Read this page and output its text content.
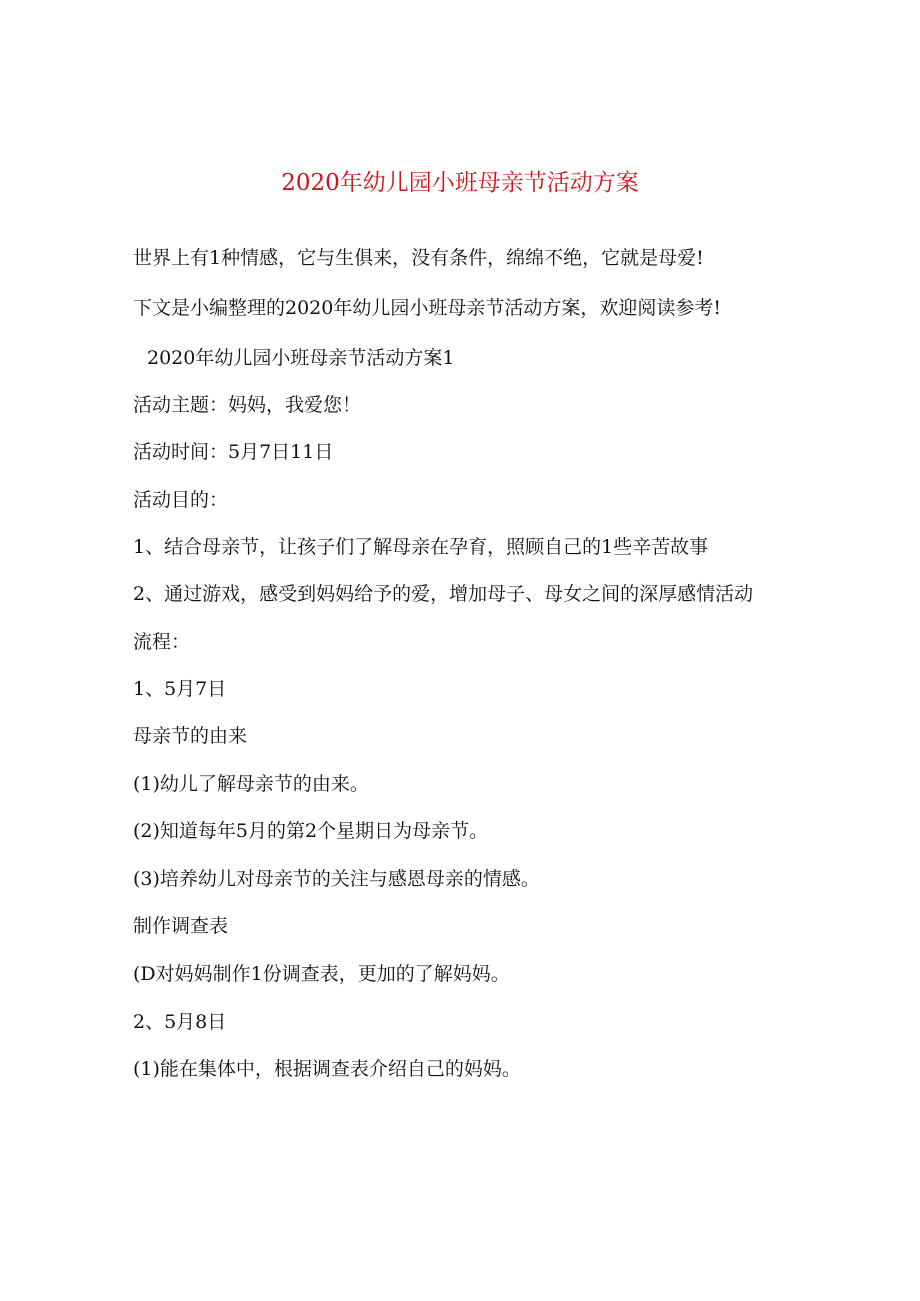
2020年幼儿园小班母亲节活动方案
世界上有1种情感，它与生俱来，没有条件，绵绵不绝，它就是母爱!
下文是小编整理的2020年幼儿园小班母亲节活动方案，欢迎阅读参考!
2020年幼儿园小班母亲节活动方案1
活动主题：妈妈，我爱您！
活动时间：5月7日11日
活动目的：
1、结合母亲节，让孩子们了解母亲在孕育，照顾自己的1些辛苦故事
2、通过游戏，感受到妈妈给予的爱，增加母子、母女之间的深厚感情活动
流程：
1、5月7日
母亲节的由来
(1)幼儿了解母亲节的由来。
(2)知道每年5月的第2个星期日为母亲节。
(3)培养幼儿对母亲节的关注与感恩母亲的情感。
制作调查表
(D对妈妈制作1份调查表，更加的了解妈妈。
2、5月8日
(1)能在集体中，根据调查表介绍自己的妈妈。
